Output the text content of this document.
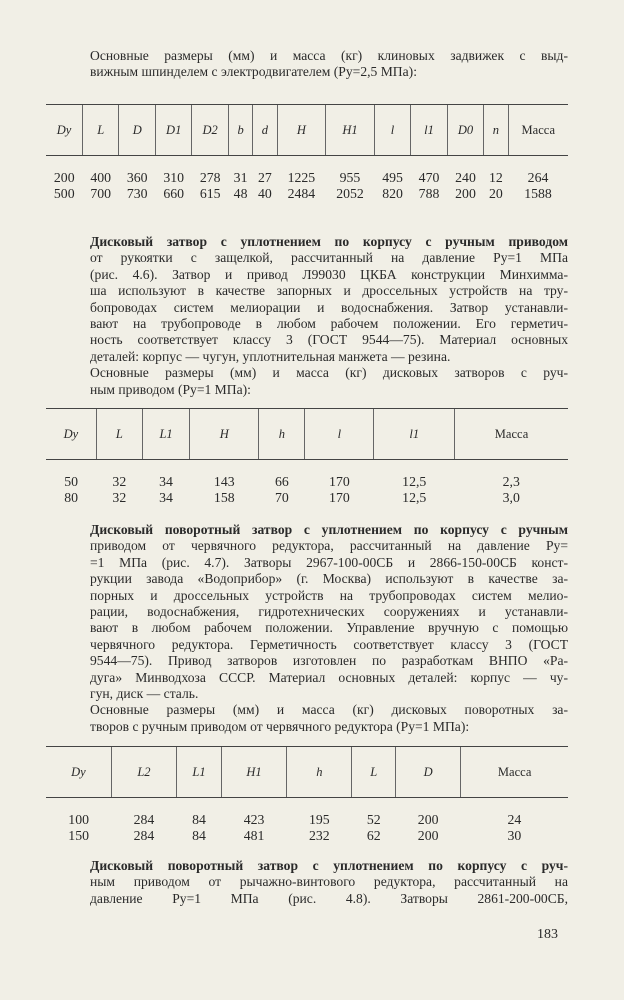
Основные размеры (мм) и масса (кг) клиновых задвижек с выд-
вижным шпинделем с электродвигателем (Pу=2,5 МПа):
Dу	L	D	D1	D2	b	d	H	H1	l	l1	D0	n	Масса
200	400	360	310	278	31	27	1225	955	495	470	240	12	264
500	700	730	660	615	48	40	2484	2052	820	788	200	20	1588
Дисковый затвор с уплотнением по корпусу с ручным приводом
от рукоятки с защелкой, рассчитанный на давление Pу=1 МПа
(рис. 4.6). Затвор и привод Л99030 ЦКБА конструкции Минхимма-
ша используют в качестве запорных и дроссельных устройств на тру-
бопроводах систем мелиорации и водоснабжения. Затвор устанавли-
вают на трубопроводе в любом рабочем положении. Его герметич-
ность соответствует классу 3 (ГОСТ 9544—75). Материал основных
деталей: корпус — чугун, уплотнительная манжета — резина.
Основные размеры (мм) и масса (кг) дисковых затворов с руч-
ным приводом (Pу=1 МПа):
Dу	L	L1	H	h	l	l1	Масса
50	32	34	143	66	170	12,5	2,3
80	32	34	158	70	170	12,5	3,0
Дисковый поворотный затвор с уплотнением по корпусу с ручным
приводом от червячного редуктора, рассчитанный на давление Pу=
=1 МПа (рис. 4.7). Затворы 2967-100-00СБ и 2866-150-00СБ конст-
рукции завода «Водоприбор» (г. Москва) используют в качестве за-
порных и дроссельных устройств на трубопроводах систем мелио-
рации, водоснабжения, гидротехнических сооружениях и устанавли-
вают в любом рабочем положении. Управление вручную с помощью
червячного редуктора. Герметичность соответствует классу 3 (ГОСТ
9544—75). Привод затворов изготовлен по разработкам ВНПО «Ра-
дуга» Минводхоза СССР. Материал основных деталей: корпус — чу-
гун, диск — сталь.
Основные размеры (мм) и масса (кг) дисковых поворотных за-
творов с ручным приводом от червячного редуктора (Pу=1 МПа):
Dу	L2	L1	H1	h	L	D	Масса
100	284	84	423	195	52	200	24
150	284	84	481	232	62	200	30
Дисковый поворотный затвор с уплотнением по корпусу с руч-
ным приводом от рычажно-винтового редуктора, рассчитанный на
давление Pу=1 МПа (рис. 4.8). Затворы 2861-200-00СБ,
183
